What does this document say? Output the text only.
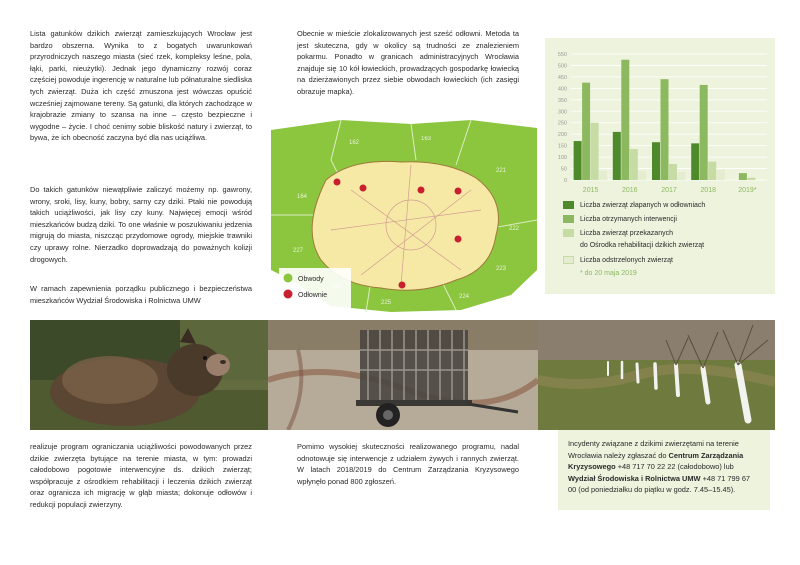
Lista gatunków dzikich zwierząt zamieszkujących Wrocław jest bardzo obszerna. Wynika to z bogatych uwarunkowań przyrodniczych naszego miasta (sieć rzek, kompleksy leśne, pola, łąki, parki, nieużytki). Jednak jego dynamiczny rozwój coraz częściej powoduje ingerencję w naturalne lub półnaturalne siedliska tych zwierząt. Duża ich część zmuszona jest wówczas opuścić wcześniej zajmowane tereny. Są gatunki, dla których zachodzące w krajobrazie zmiany to szansa na inne – często bezpieczne i wygodne – życie. I choć cenimy sobie bliskość natury i zwierząt, to bywa, że ich obecność zaczyna być dla nas uciążliwa.
Do takich gatunków niewątpliwie zaliczyć możemy np. gawrony, wrony, sroki, lisy, kuny, bobry, sarny czy dziki. Ptaki nie powodują takich uciążliwości, jak lisy czy kuny. Najwięcej emocji wśród mieszkańców budzą dziki. To one właśnie w poszukiwaniu jedzenia migrują do miasta, niszcząc przydomowe ogrody, miejskie trawniki czy uprawy rolne. Nierzadko doprowadzają do poważnych kolizji drogowych.
W ramach zapewnienia porządku publicznego i bezpieczeństwa mieszkańców Wydział Środowiska i Rolnictwa UMW
Obecnie w mieście zlokalizowanych jest sześć odłowni. Metoda ta jest skuteczna, gdy w okolicy są trudności ze znalezieniem pokarmu. Ponadto w granicach administracyjnych Wrocławia znajduje się 10 kół łowieckich, prowadzących gospodarkę łowiecką na dzierżawionych przez siebie obwodach łowieckich (ich zasięgi obrazuje mapka).
162
163
164
221
222
223
224
225
227
Obwody
Odłownie
0
50
100
150
200
250
300
350
400
450
500
550
2015	2016	2017	2018	2019*
Liczba zwierząt złapanych w odłowniach
Liczba otrzymanych interwencji
Liczba zwierząt przekazanych
do Ośrodka rehabilitacji dzikich zwierząt
Liczba odstrzelonych zwierząt
* do 20 maja 2019
realizuje program ograniczania uciążliwości powodowanych przez dzikie zwierzęta bytujące na terenie miasta, w tym: prowadzi całodobowo pogotowie interwencyjne ds. dzikich zwierząt; współpracuje z ośrodkiem rehabilitacji i leczenia dzikich zwierząt oraz ogranicza ich migrację w głąb miasta; dokonuje odłowów i redukcji populacji zwierzyny.
Pomimo wysokiej skuteczności realizowanego programu, nadal odnotowuje się interwencje z udziałem żywych i rannych zwierząt. W latach 2018/2019 do Centrum Zarządzania Kryzysowego wpłynęło ponad 800 zgłoszeń.
Incydenty związane z dzikimi zwierzętami na terenie Wrocławia należy zgłaszać do Centrum Zarządzania Kryzysowego +48 717 70 22 22 (całodobowo) lub Wydział Środowiska i Rolnictwa UMW +48 71 799 67 00 (od poniedziałku do piątku w godz. 7.45–15.45).
